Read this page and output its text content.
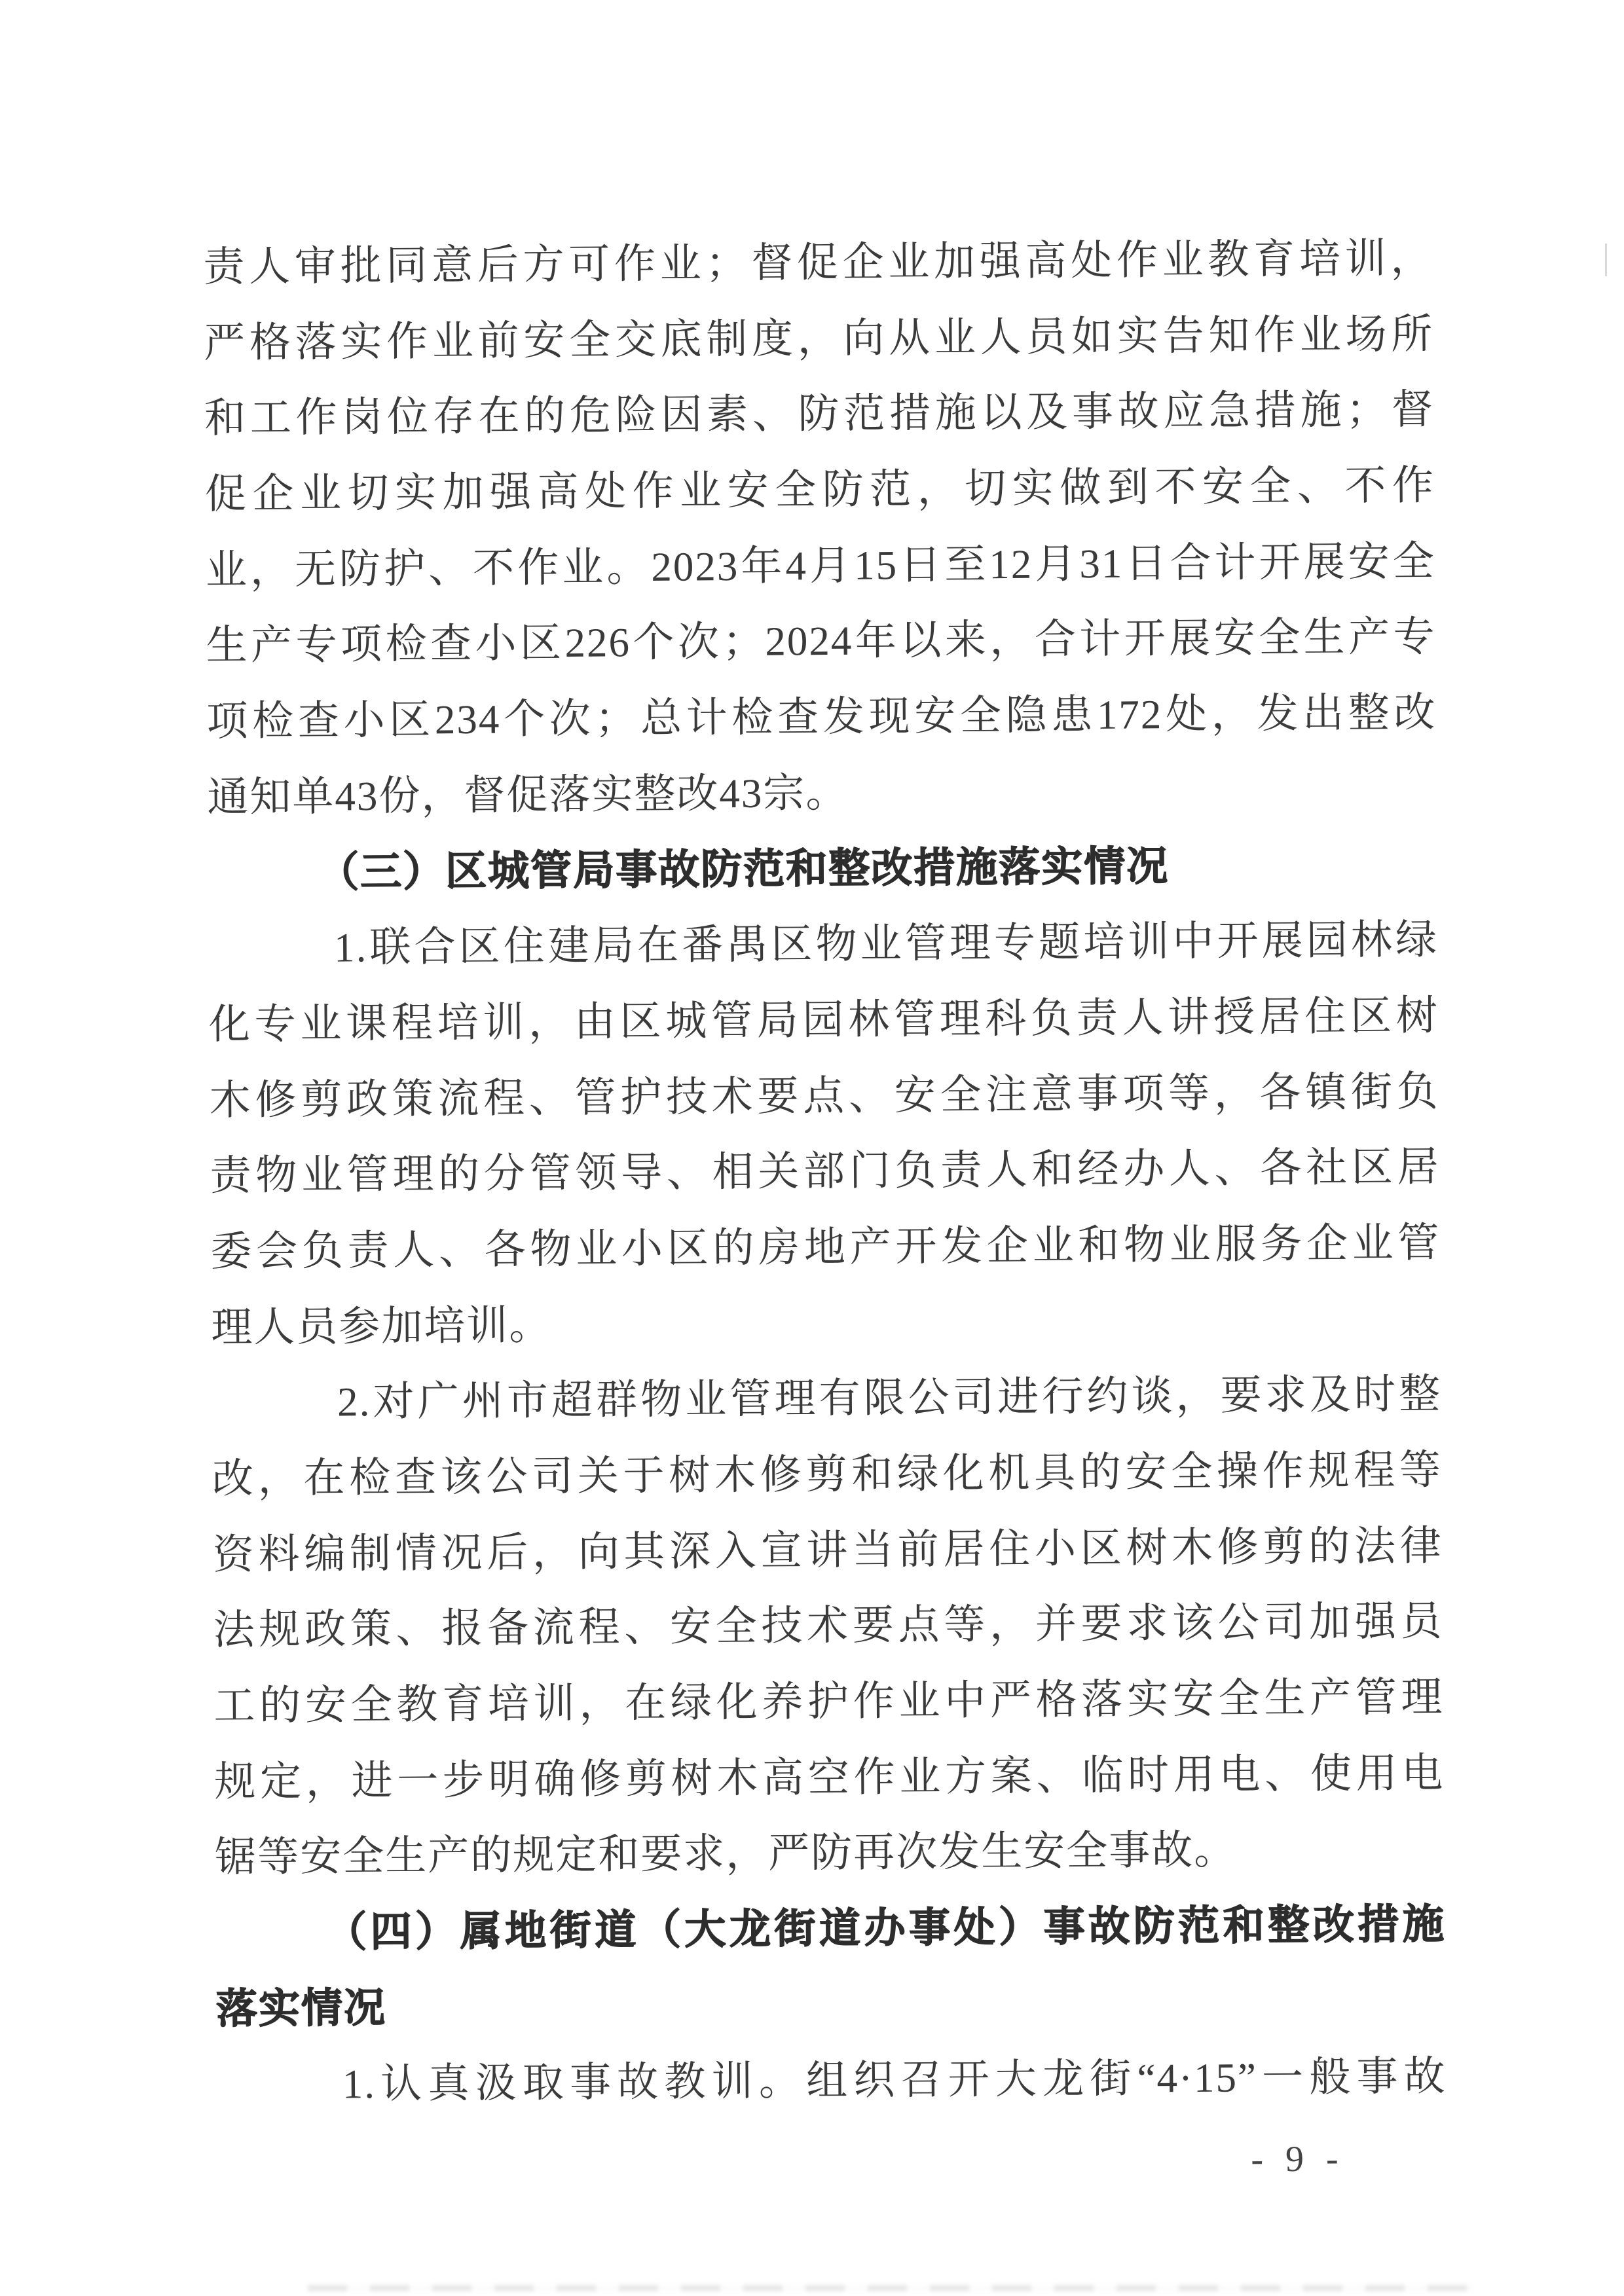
责人审批同意后方可作业；督促企业加强高处作业教育培训，
严格落实作业前安全交底制度，向从业人员如实告知作业场所
和工作岗位存在的危险因素、防范措施以及事故应急措施；督
促企业切实加强高处作业安全防范，切实做到不安全、不作
业，无防护、不作业。2023年4月15日至12月31日合计开展安全
生产专项检查小区226个次；2024年以来，合计开展安全生产专
项检查小区234个次；总计检查发现安全隐患172处，发出整改
通知单43份，督促落实整改43宗。
（三）区城管局事故防范和整改措施落实情况
1.联合区住建局在番禺区物业管理专题培训中开展园林绿
化专业课程培训，由区城管局园林管理科负责人讲授居住区树
木修剪政策流程、管护技术要点、安全注意事项等，各镇街负
责物业管理的分管领导、相关部门负责人和经办人、各社区居
委会负责人、各物业小区的房地产开发企业和物业服务企业管
理人员参加培训。
2.对广州市超群物业管理有限公司进行约谈，要求及时整
改，在检查该公司关于树木修剪和绿化机具的安全操作规程等
资料编制情况后，向其深入宣讲当前居住小区树木修剪的法律
法规政策、报备流程、安全技术要点等，并要求该公司加强员
工的安全教育培训，在绿化养护作业中严格落实安全生产管理
规定，进一步明确修剪树木高空作业方案、临时用电、使用电
锯等安全生产的规定和要求，严防再次发生安全事故。
（四）属地街道（大龙街道办事处）事故防范和整改措施
落实情况
1.认真汲取事故教训。组织召开大龙街“4·15”一般事故
- 9 -
